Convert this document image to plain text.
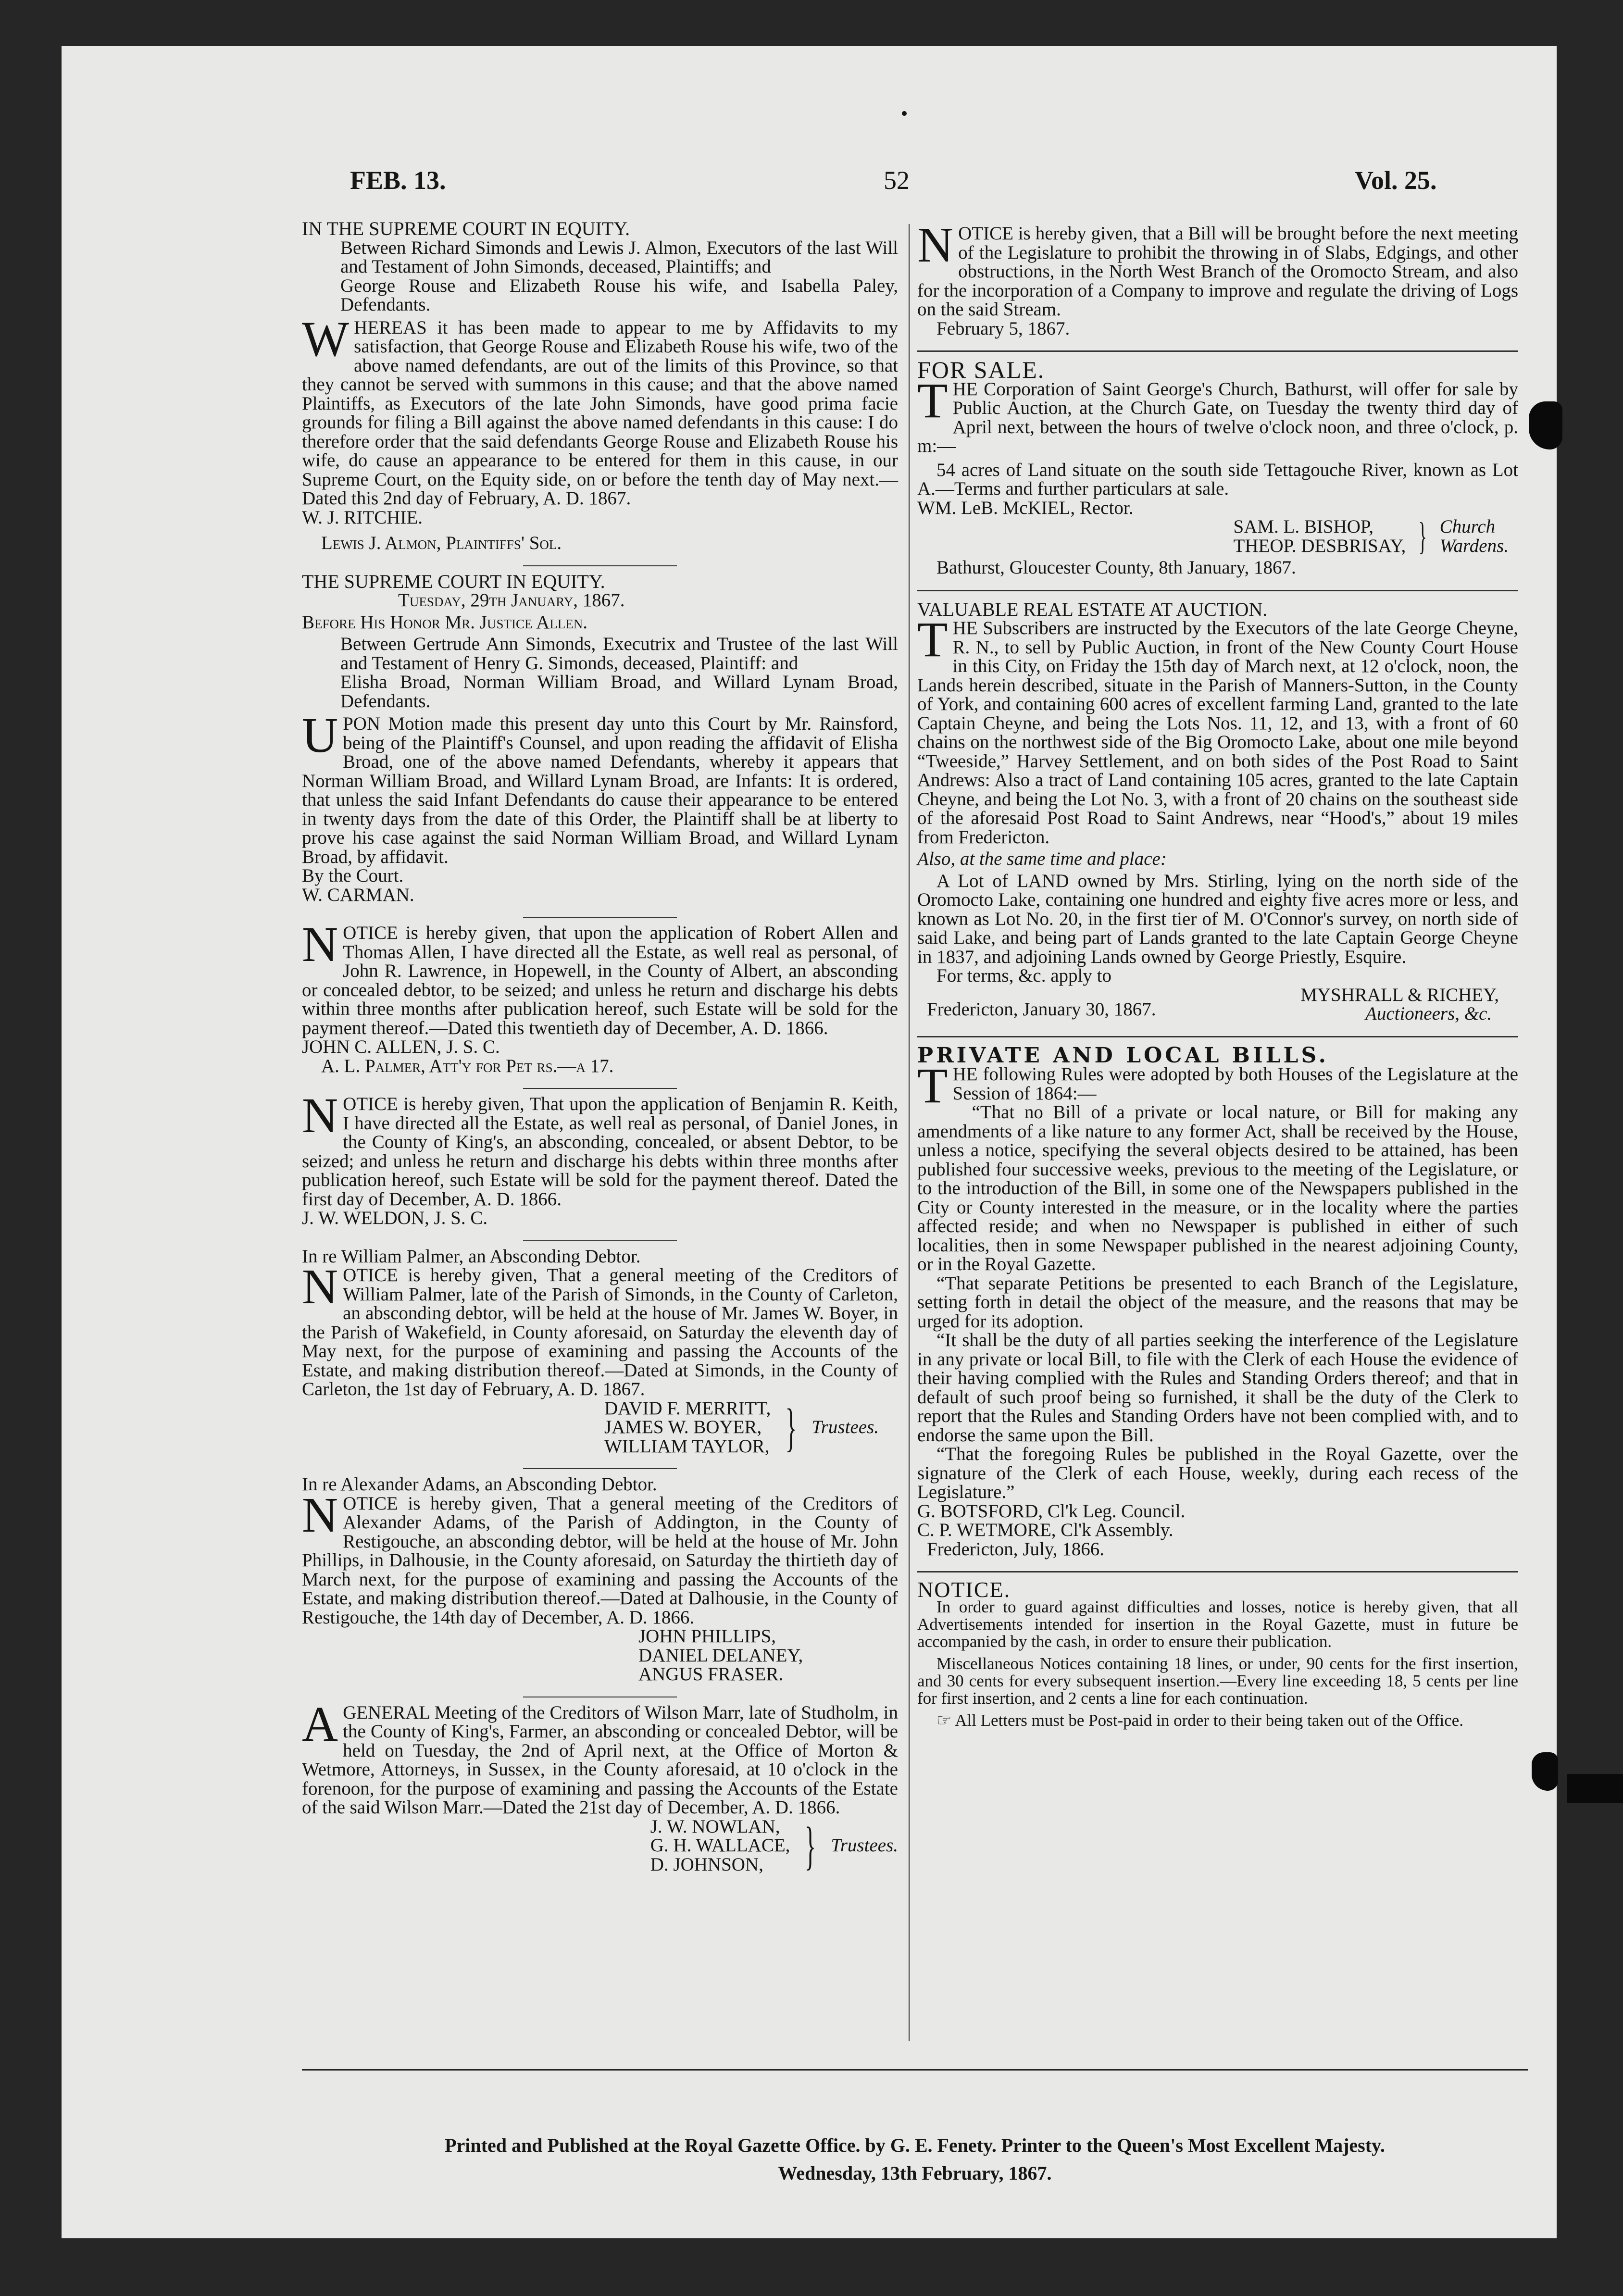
FEB. 13.	52	Vol. 25.

IN THE SUPREME COURT IN EQUITY.

Between Richard Simonds and Lewis J. Almon, Executors of the last Will and Testament of John Simonds, deceased, Plaintiffs; and

George Rouse and Elizabeth Rouse his wife, and Isabella Paley, Defendants.

WHEREAS it has been made to appear to me by Affidavits to my satisfaction, that George Rouse and Elizabeth Rouse his wife, two of the above named defendants, are out of the limits of this Province, so that they cannot be served with summons in this cause; and that the above named Plaintiffs, as Executors of the late John Simonds, have good prima facie grounds for filing a Bill against the above named defendants in this cause: I do therefore order that the said defendants George Rouse and Elizabeth Rouse his wife, do cause an appearance to be entered for them in this cause, in our Supreme Court, on the Equity side, on or before the tenth day of May next.—Dated this 2nd day of February, A. D. 1867.

W. J. RITCHIE.

Lewis J. Almon, Plaintiffs' Sol.

THE SUPREME COURT IN EQUITY.

Tuesday, 29th January, 1867.

Before His Honor Mr. Justice Allen.

Between Gertrude Ann Simonds, Executrix and Trustee of the last Will and Testament of Henry G. Simonds, deceased, Plaintiff: and

Elisha Broad, Norman William Broad, and Willard Lynam Broad, Defendants.

UPON Motion made this present day unto this Court by Mr. Rainsford, being of the Plaintiff's Counsel, and upon reading the affidavit of Elisha Broad, one of the above named Defendants, whereby it appears that Norman William Broad, and Willard Lynam Broad, are Infants: It is ordered, that unless the said Infant Defendants do cause their appearance to be entered in twenty days from the date of this Order, the Plaintiff shall be at liberty to prove his case against the said Norman William Broad, and Willard Lynam Broad, by affidavit.

By the Court.

W. CARMAN.

NOTICE is hereby given, that upon the application of Robert Allen and Thomas Allen, I have directed all the Estate, as well real as personal, of John R. Lawrence, in Hopewell, in the County of Albert, an absconding or concealed debtor, to be seized; and unless he return and discharge his debts within three months after publication hereof, such Estate will be sold for the payment thereof.—Dated this twentieth day of December, A. D. 1866.

JOHN C. ALLEN, J. S. C.

A. L. Palmer, Att'y for Pet rs.—a 17.

NOTICE is hereby given, That upon the application of Benjamin R. Keith, I have directed all the Estate, as well real as personal, of Daniel Jones, in the County of King's, an absconding, concealed, or absent Debtor, to be seized; and unless he return and discharge his debts within three months after publication hereof, such Estate will be sold for the payment thereof. Dated the first day of December, A. D. 1866.

J. W. WELDON, J. S. C.

In re William Palmer, an Absconding Debtor.

NOTICE is hereby given, That a general meeting of the Creditors of William Palmer, late of the Parish of Simonds, in the County of Carleton, an absconding debtor, will be held at the house of Mr. James W. Boyer, in the Parish of Wakefield, in County aforesaid, on Saturday the eleventh day of May next, for the purpose of examining and passing the Accounts of the Estate, and making distribution thereof.—Dated at Simonds, in the County of Carleton, the 1st day of February, A. D. 1867.

DAVID F. MERRITT,
JAMES W. BOYER,
WILLIAM TAYLOR, } Trustees.

In re Alexander Adams, an Absconding Debtor.

NOTICE is hereby given, That a general meeting of the Creditors of Alexander Adams, of the Parish of Addington, in the County of Restigouche, an absconding debtor, will be held at the house of Mr. John Phillips, in Dalhousie, in the County aforesaid, on Saturday the thirtieth day of March next, for the purpose of examining and passing the Accounts of the Estate, and making distribution thereof.—Dated at Dalhousie, in the County of Restigouche, the 14th day of December, A. D. 1866.

JOHN PHILLIPS,
DANIEL DELANEY,
ANGUS FRASER.

AGENERAL Meeting of the Creditors of Wilson Marr, late of Studholm, in the County of King's, Farmer, an absconding or concealed Debtor, will be held on Tuesday, the 2nd of April next, at the Office of Morton & Wetmore, Attorneys, in Sussex, in the County aforesaid, at 10 o'clock in the forenoon, for the purpose of examining and passing the Accounts of the Estate of the said Wilson Marr.—Dated the 21st day of December, A. D. 1866.

J. W. NOWLAN,
G. H. WALLACE,
D. JOHNSON, } Trustees.

NOTICE is hereby given, that a Bill will be brought before the next meeting of the Legislature to prohibit the throwing in of Slabs, Edgings, and other obstructions, in the North West Branch of the Oromocto Stream, and also for the incorporation of a Company to improve and regulate the driving of Logs on the said Stream.

February 5, 1867.

FOR SALE.

THE Corporation of Saint George's Church, Bathurst, will offer for sale by Public Auction, at the Church Gate, on Tuesday the twenty third day of April next, between the hours of twelve o'clock noon, and three o'clock, p. m:—

54 acres of Land situate on the south side Tettagouche River, known as Lot A.—Terms and further particulars at sale.

WM. LeB. McKIEL, Rector.

SAM. L. BISHOP,
THEOP. DESBRISAY, } Church
Wardens.

Bathurst, Gloucester County, 8th January, 1867.

VALUABLE REAL ESTATE AT AUCTION.

THE Subscribers are instructed by the Executors of the late George Cheyne, R. N., to sell by Public Auction, in front of the New County Court House in this City, on Friday the 15th day of March next, at 12 o'clock, noon, the Lands herein described, situate in the Parish of Manners-Sutton, in the County of York, and containing 600 acres of excellent farming Land, granted to the late Captain Cheyne, and being the Lots Nos. 11, 12, and 13, with a front of 60 chains on the northwest side of the Big Oromocto Lake, about one mile beyond “Tweeside,” Harvey Settlement, and on both sides of the Post Road to Saint Andrews: Also a tract of Land containing 105 acres, granted to the late Captain Cheyne, and being the Lot No. 3, with a front of 20 chains on the southeast side of the aforesaid Post Road to Saint Andrews, near “Hood's,” about 19 miles from Fredericton.

Also, at the same time and place:

A Lot of LAND owned by Mrs. Stirling, lying on the north side of the Oromocto Lake, containing one hundred and eighty five acres more or less, and known as Lot No. 20, in the first tier of M. O'Connor's survey, on north side of said Lake, and being part of Lands granted to the late Captain George Cheyne in 1837, and adjoining Lands owned by George Priestly, Esquire.

For terms, &c. apply to

Fredericton, January 30, 1867.
MYSHRALL & RICHEY,
Auctioneers, &c.

PRIVATE AND LOCAL BILLS.

THE following Rules were adopted by both Houses of the Legislature at the Session of 1864:—

“That no Bill of a private or local nature, or Bill for making any amendments of a like nature to any former Act, shall be received by the House, unless a notice, specifying the several objects desired to be attained, has been published four successive weeks, previous to the meeting of the Legislature, or to the introduction of the Bill, in some one of the Newspapers published in the City or County interested in the measure, or in the locality where the parties affected reside; and when no Newspaper is published in either of such localities, then in some Newspaper published in the nearest adjoining County, or in the Royal Gazette.

“That separate Petitions be presented to each Branch of the Legislature, setting forth in detail the object of the measure, and the reasons that may be urged for its adoption.

“It shall be the duty of all parties seeking the interference of the Legislature in any private or local Bill, to file with the Clerk of each House the evidence of their having complied with the Rules and Standing Orders thereof; and that in default of such proof being so furnished, it shall be the duty of the Clerk to report that the Rules and Standing Orders have not been complied with, and to endorse the same upon the Bill.

“That the foregoing Rules be published in the Royal Gazette, over the signature of the Clerk of each House, weekly, during each recess of the Legislature.”

G. BOTSFORD, Cl'k Leg. Council.

C. P. WETMORE, Cl'k Assembly.

Fredericton, July, 1866.

NOTICE.

In order to guard against difficulties and losses, notice is hereby given, that all Advertisements intended for insertion in the Royal Gazette, must in future be accompanied by the cash, in order to ensure their publication.

Miscellaneous Notices containing 18 lines, or under, 90 cents for the first insertion, and 30 cents for every subsequent insertion.—Every line exceeding 18, 5 cents per line for first insertion, and 2 cents a line for each continuation.

☞ All Letters must be Post-paid in order to their being taken out of the Office.

Printed and Published at the Royal Gazette Office. by G. E. Fenety. Printer to the Queen's Most Excellent Majesty.
Wednesday, 13th February, 1867.
